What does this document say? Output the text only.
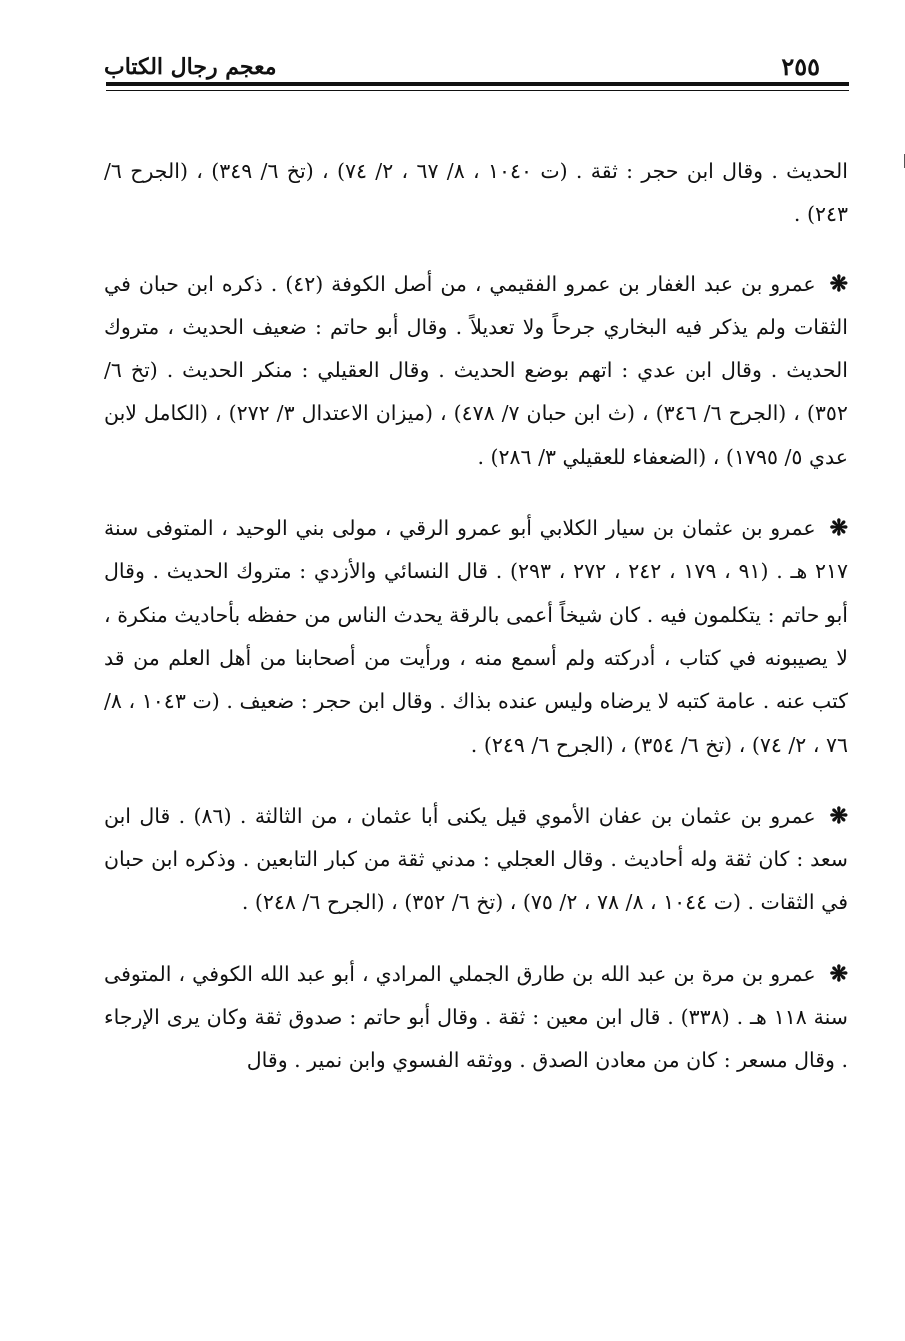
٢٥٥
معجم رجال الكتاب

الحديث . وقال ابن حجر : ثقة . (ت ١٠٤٠ ، ٨/ ٦٧ ، ٢/ ٧٤) ، (تخ ٦/ ٣٤٩) ، (الجرح ٦/ ٢٤٣) .

❋عمرو بن عبد الغفار بن عمرو الفقيمي ، من أصل الكوفة (٤٢) . ذكره ابن حبان في الثقات ولم يذكر فيه البخاري جرحاً ولا تعديلاً . وقال أبو حاتم : ضعيف الحديث ، متروك الحديث . وقال ابن عدي : اتهم بوضع الحديث . وقال العقيلي : منكر الحديث . (تخ ٦/ ٣٥٢) ، (الجرح ٦/ ٣٤٦) ، (ث ابن حبان ٧/ ٤٧٨) ، (ميزان الاعتدال ٣/ ٢٧٢) ، (الكامل لابن عدي ٥/ ١٧٩٥) ، (الضعفاء للعقيلي ٣/ ٢٨٦) .

❋عمرو بن عثمان بن سيار الكلابي أبو عمرو الرقي ، مولى بني الوحيد ، المتوفى سنة ٢١٧ هـ . (٩١ ، ١٧٩ ، ٢٤٢ ، ٢٧٢ ، ٢٩٣) . قال النسائي والأزدي : متروك الحديث . وقال أبو حاتم : يتكلمون فيه . كان شيخاً أعمى بالرقة يحدث الناس من حفظه بأحاديث منكرة ، لا يصيبونه في كتاب ، أدركته ولم أسمع منه ، ورأيت من أصحابنا من أهل العلم من قد كتب عنه . عامة كتبه لا يرضاه وليس عنده بذاك . وقال ابن حجر : ضعيف . (ت ١٠٤٣ ، ٨/ ٧٦ ، ٢/ ٧٤) ، (تخ ٦/ ٣٥٤) ، (الجرح ٦/ ٢٤٩) .

❋عمرو بن عثمان بن عفان الأموي قيل يكنى أبا عثمان ، من الثالثة . (٨٦) . قال ابن سعد : كان ثقة وله أحاديث . وقال العجلي : مدني ثقة من كبار التابعين . وذكره ابن حبان في الثقات . (ت ١٠٤٤ ، ٨/ ٧٨ ، ٢/ ٧٥) ، (تخ ٦/ ٣٥٢) ، (الجرح ٦/ ٢٤٨) .

❋عمرو بن مرة بن عبد الله بن طارق الجملي المرادي ، أبو عبد الله الكوفي ، المتوفى سنة ١١٨ هـ . (٣٣٨) . قال ابن معين : ثقة . وقال أبو حاتم : صدوق ثقة وكان يرى الإرجاء . وقال مسعر : كان من معادن الصدق . ووثقه الفسوي وابن نمير . وقال
